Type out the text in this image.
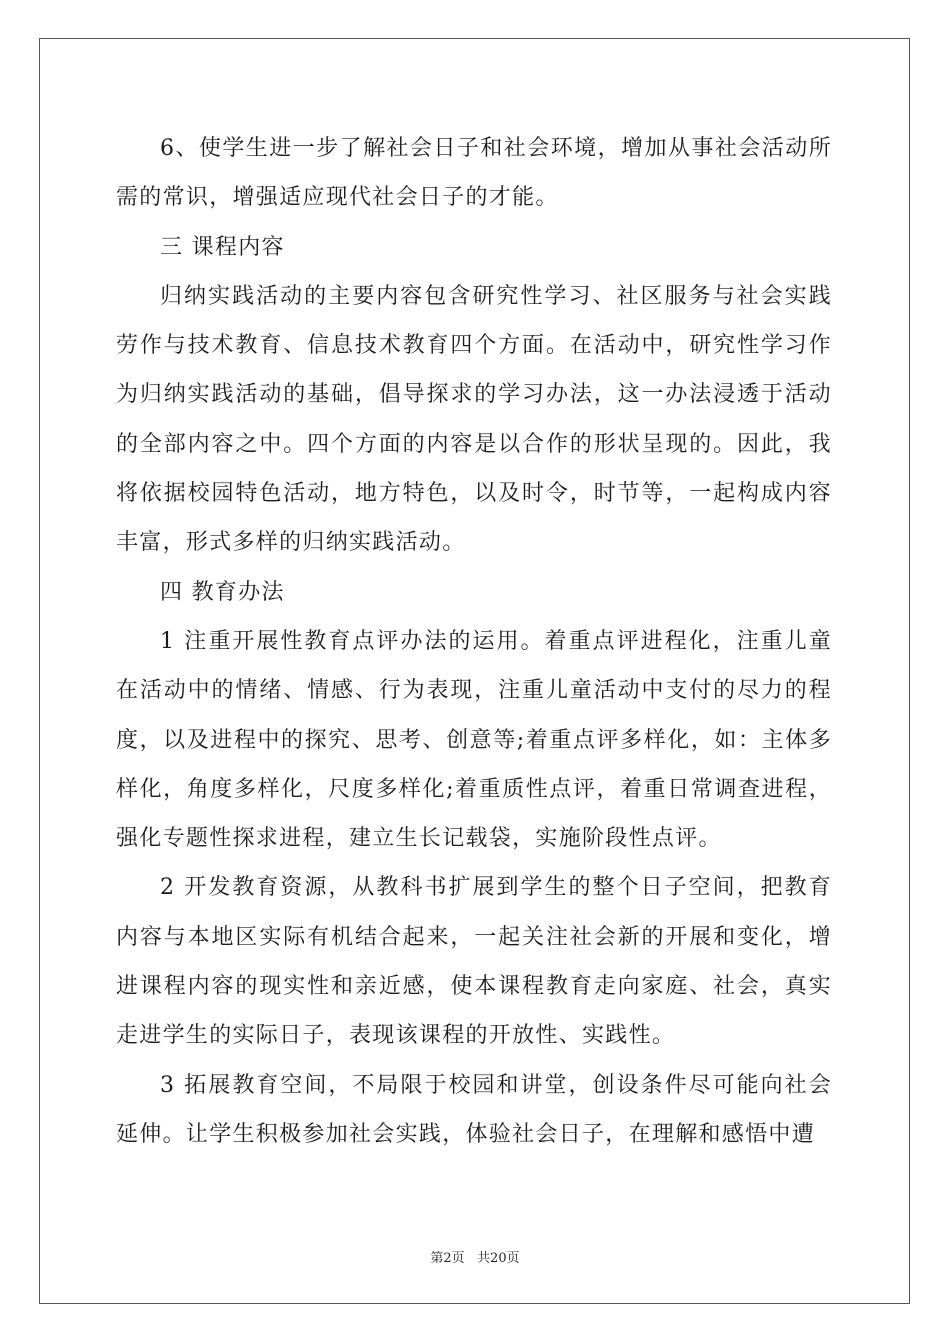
6、使学生进一步了解社会日子和社会环境，增加从事社会活动所需的常识，增强适应现代社会日子的才能。

三 课程内容

归纳实践活动的主要内容包含研究性学习、社区服务与社会实践劳作与技术教育、信息技术教育四个方面。在活动中，研究性学习作为归纳实践活动的基础，倡导探求的学习办法，这一办法浸透于活动的全部内容之中。四个方面的内容是以合作的形状呈现的。因此，我将依据校园特色活动，地方特色，以及时令，时节等，一起构成内容丰富，形式多样的归纳实践活动。

四 教育办法

1 注重开展性教育点评办法的运用。着重点评进程化，注重儿童在活动中的情绪、情感、行为表现，注重儿童活动中支付的尽力的程度，以及进程中的探究、思考、创意等;着重点评多样化，如：主体多样化，角度多样化，尺度多样化;着重质性点评，着重日常调查进程，强化专题性探求进程，建立生长记载袋，实施阶段性点评。

2 开发教育资源，从教科书扩展到学生的整个日子空间，把教育内容与本地区实际有机结合起来，一起关注社会新的开展和变化，增进课程内容的现实性和亲近感，使本课程教育走向家庭、社会，真实走进学生的实际日子，表现该课程的开放性、实践性。

3 拓展教育空间，不局限于校园和讲堂，创设条件尽可能向社会延伸。让学生积极参加社会实践，体验社会日子，在理解和感悟中遭

第2页   共20页
